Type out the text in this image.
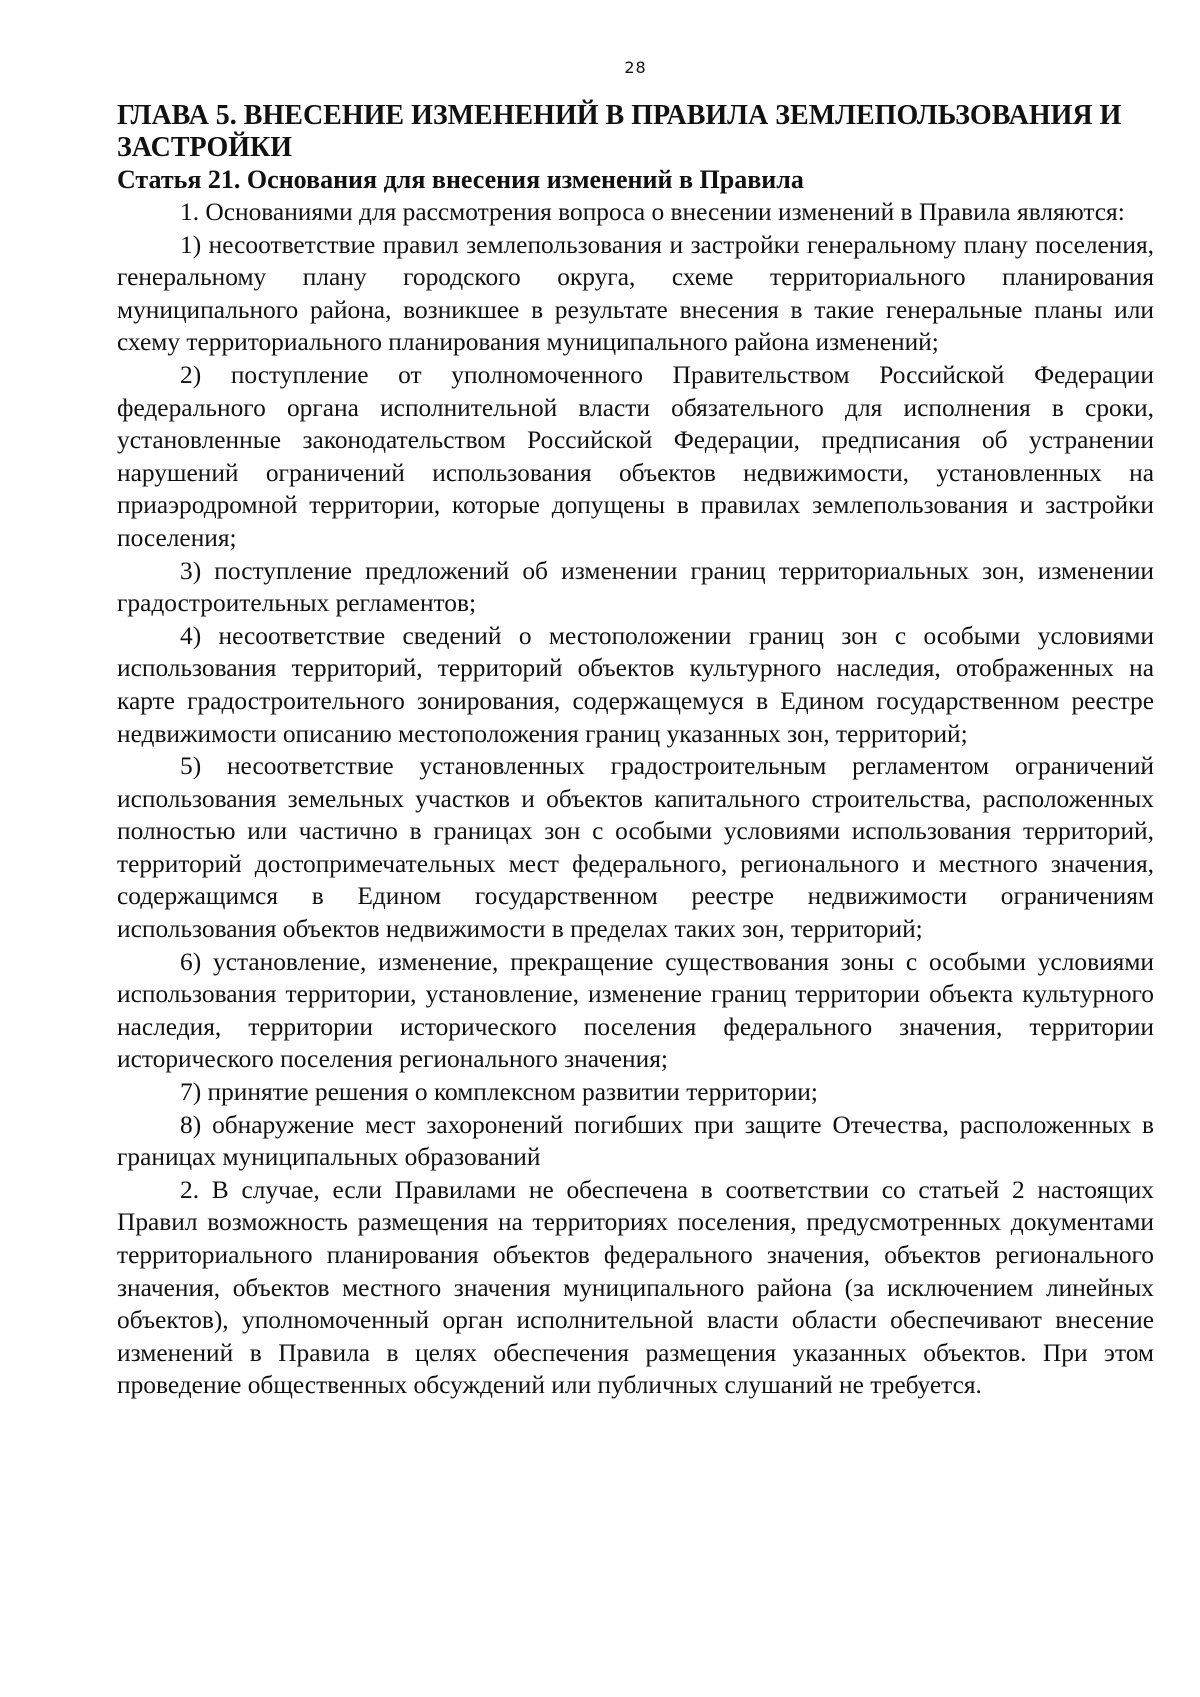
28
ГЛАВА 5. ВНЕСЕНИЕ ИЗМЕНЕНИЙ В ПРАВИЛА ЗЕМЛЕПОЛЬЗОВАНИЯ И ЗАСТРОЙКИ
Статья 21. Основания для внесения изменений в Правила

1. Основаниями для рассмотрения вопроса о внесении изменений в Правила являются:

1) несоответствие правил землепользования и застройки генеральному плану поселения, генеральному плану городского округа, схеме территориального планирования муниципального района, возникшее в результате внесения в такие генеральные планы или схему территориального планирования муниципального района изменений;

2) поступление от уполномоченного Правительством Российской Федерации федерального органа исполнительной власти обязательного для исполнения в сроки, установленные законодательством Российской Федерации, предписания об устранении нарушений ограничений использования объектов недвижимости, установленных на приаэродромной территории, которые допущены в правилах землепользования и застройки поселения;

3) поступление предложений об изменении границ территориальных зон, изменении градостроительных регламентов;

4) несоответствие сведений о местоположении границ зон с особыми условиями использования территорий, территорий объектов культурного наследия, отображенных на карте градостроительного зонирования, содержащемуся в Едином государственном реестре недвижимости описанию местоположения границ указанных зон, территорий;

5) несоответствие установленных градостроительным регламентом ограничений использования земельных участков и объектов капитального строительства, расположенных полностью или частично в границах зон с особыми условиями использования территорий, территорий достопримечательных мест федерального, регионального и местного значения, содержащимся в Едином государственном реестре недвижимости ограничениям использования объектов недвижимости в пределах таких зон, территорий;

6) установление, изменение, прекращение существования зоны с особыми условиями использования территории, установление, изменение границ территории объекта культурного наследия, территории исторического поселения федерального значения, территории исторического поселения регионального значения;

7) принятие решения о комплексном развитии территории;

8) обнаружение мест захоронений погибших при защите Отечества, расположенных в границах муниципальных образований

2. В случае, если Правилами не обеспечена в соответствии со статьей 2 настоящих Правил возможность размещения на территориях поселения, предусмотренных документами территориального планирования объектов федерального значения, объектов регионального значения, объектов местного значения муниципального района (за исключением линейных объектов), уполномоченный орган исполнительной власти области обеспечивают внесение изменений в Правила в целях обеспечения размещения указанных объектов. При этом проведение общественных обсуждений или публичных слушаний не требуется.
